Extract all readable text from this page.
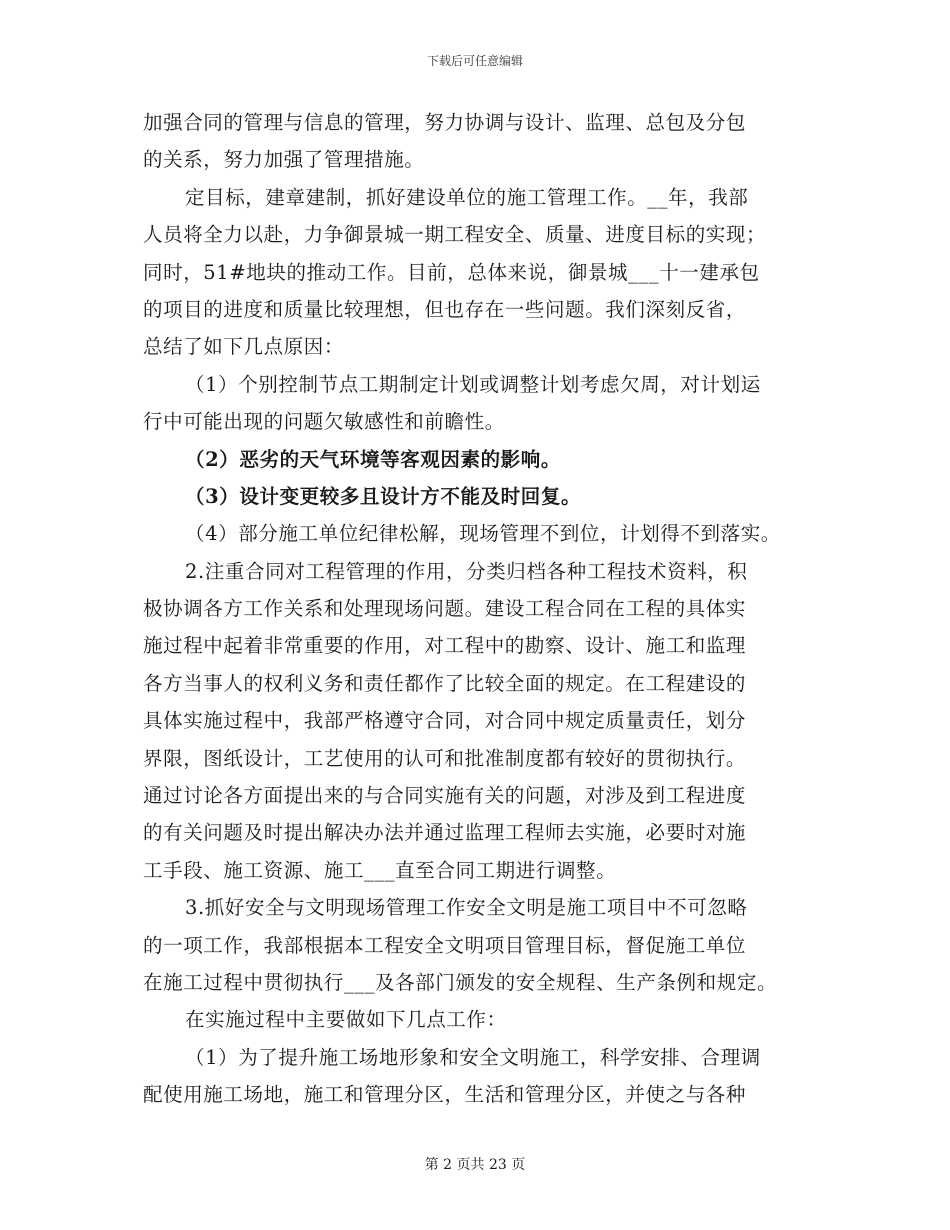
下载后可任意编辑
加强合同的管理与信息的管理，努力协调与设计、监理、总包及分包
的关系，努力加强了管理措施。
定目标，建章建制，抓好建设单位的施工管理工作。__年，我部
人员将全力以赴，力争御景城一期工程安全、质量、进度目标的实现；
同时，51#地块的推动工作。目前，总体来说，御景城___十一建承包
的项目的进度和质量比较理想，但也存在一些问题。我们深刻反省，
总结了如下几点原因：
（1）个别控制节点工期制定计划或调整计划考虑欠周，对计划运
行中可能出现的问题欠敏感性和前瞻性。
（2）恶劣的天气环境等客观因素的影响。
（3）设计变更较多且设计方不能及时回复。
（4）部分施工单位纪律松解，现场管理不到位，计划得不到落实。
2.注重合同对工程管理的作用，分类归档各种工程技术资料，积
极协调各方工作关系和处理现场问题。建设工程合同在工程的具体实
施过程中起着非常重要的作用，对工程中的勘察、设计、施工和监理
各方当事人的权利义务和责任都作了比较全面的规定。在工程建设的
具体实施过程中，我部严格遵守合同，对合同中规定质量责任，划分
界限，图纸设计，工艺使用的认可和批准制度都有较好的贯彻执行。
通过讨论各方面提出来的与合同实施有关的问题，对涉及到工程进度
的有关问题及时提出解决办法并通过监理工程师去实施，必要时对施
工手段、施工资源、施工___直至合同工期进行调整。
3.抓好安全与文明现场管理工作安全文明是施工项目中不可忽略
的一项工作，我部根据本工程安全文明项目管理目标，督促施工单位
在施工过程中贯彻执行___及各部门颁发的安全规程、生产条例和规定。
在实施过程中主要做如下几点工作：
（1）为了提升施工场地形象和安全文明施工，科学安排、合理调
配使用施工场地，施工和管理分区，生活和管理分区，并使之与各种
第 2 页共 23 页
